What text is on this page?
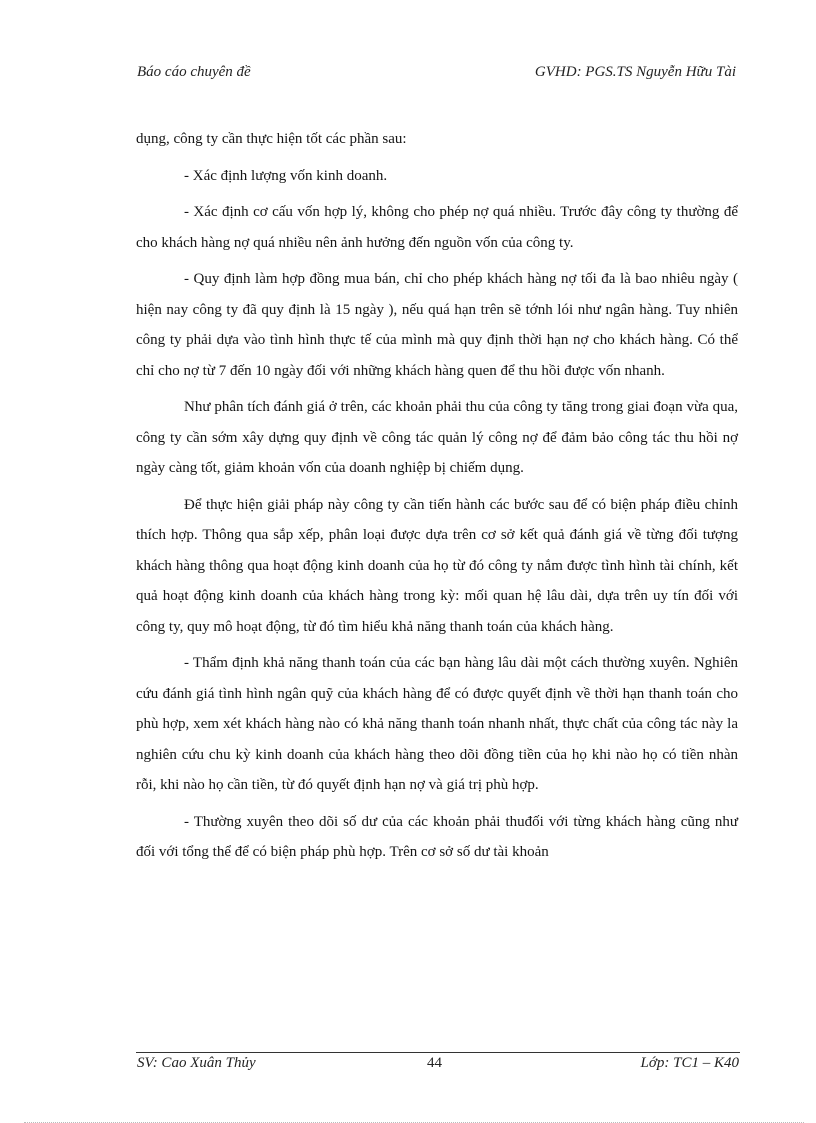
Báo cáo chuyên đề	GVHD: PGS.TS Nguyễn Hữu Tài

dụng, công ty cần thực hiện tốt các phần sau:

- Xác định lượng vốn kinh doanh.

- Xác định cơ cấu vốn hợp lý, không cho phép nợ quá nhiều. Trước đây công ty thường để cho khách hàng nợ quá nhiều nên ảnh hưởng đến nguồn vốn của công ty.

- Quy định làm hợp đồng mua bán, chỉ cho phép khách hàng nợ tối đa là bao nhiêu ngày ( hiện nay công ty đã quy định là 15 ngày ), nếu quá hạn trên sẽ tớnh lói như ngân hàng. Tuy nhiên công ty phải dựa vào tình hình thực tế của mình mà quy định thời hạn nợ cho khách hàng. Có thể chỉ cho nợ từ 7 đến 10 ngày đối với những khách hàng quen để thu hồi được vốn nhanh.

Như phân tích đánh giá ở trên, các khoản phải thu của công ty tăng trong giai đoạn vừa qua, công ty cần sớm xây dựng quy định về công tác quản lý công nợ để đảm bảo công tác thu hồi nợ ngày càng tốt, giảm khoản vốn của doanh nghiệp bị chiếm dụng.

Để thực hiện giải pháp này công ty cần tiến hành các bước sau để có biện pháp điều chỉnh thích hợp. Thông qua sắp xếp, phân loại được dựa trên cơ sở kết quả đánh giá về từng đối tượng khách hàng thông qua hoạt động kinh doanh của họ từ đó công ty nắm được tình hình tài chính, kết quả hoạt động kinh doanh của khách hàng trong kỳ: mối quan hệ lâu dài, dựa trên uy tín đối với công ty, quy mô hoạt động, từ đó tìm hiểu khả năng thanh toán của khách hàng.

- Thẩm định khả năng thanh toán của các bạn hàng lâu dài một cách thường xuyên. Nghiên cứu đánh giá tình hình ngân quỹ của khách hàng để có được quyết định về thời hạn thanh toán cho phù hợp, xem xét khách hàng nào có khả năng thanh toán nhanh nhất, thực chất của công tác này la nghiên cứu chu kỳ kinh doanh của khách hàng theo dõi đồng tiền của họ khi nào họ có tiền nhàn rỗi, khi nào họ cần tiền, từ đó quyết định hạn nợ và giá trị phù hợp.

- Thường xuyên theo dõi số dư của các khoản phải thuđối với từng khách hàng cũng như đối với tổng thể để có biện pháp phù hợp. Trên cơ sở số dư tài khoản

SV: Cao Xuân Thủy	44	Lớp: TC1 – K40
